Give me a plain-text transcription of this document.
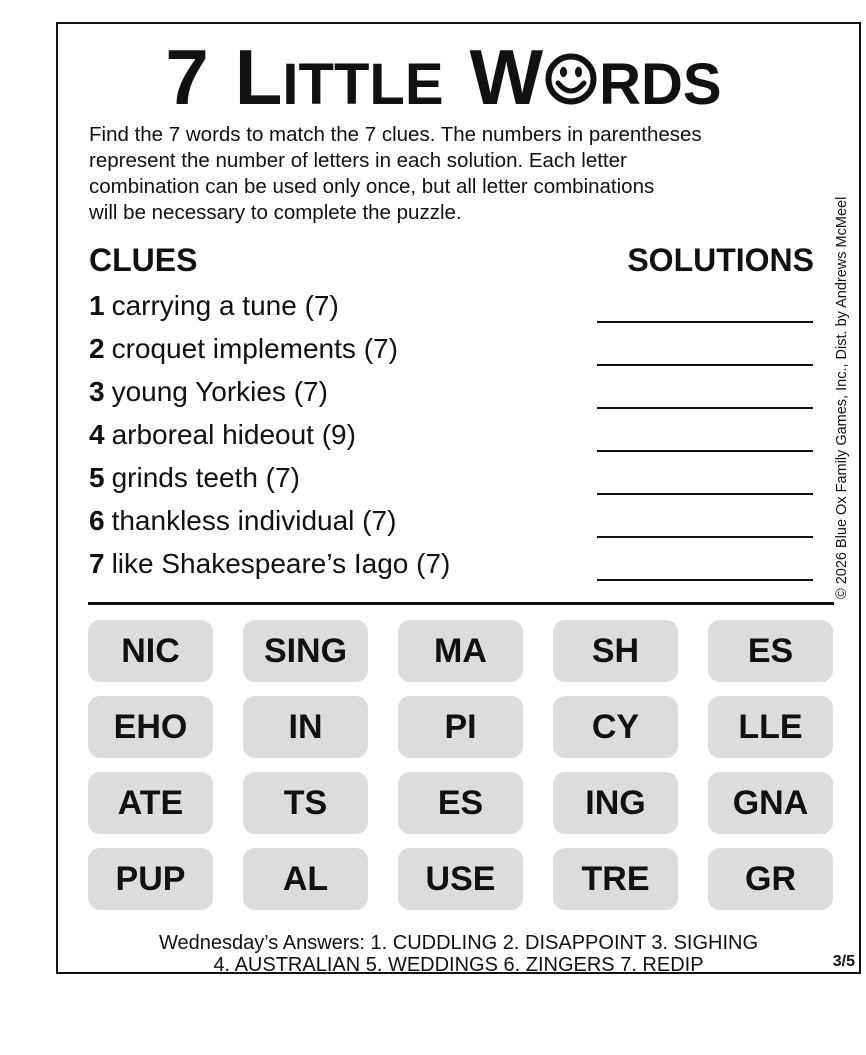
7 LITTLE W RDS

Find the 7 words to match the 7 clues. The numbers in parentheses

represent the number of letters in each solution. Each letter

combination can be used only once, but all letter combinations

will be necessary to complete the puzzle.	© 2026 Blue Ox Family Games, Inc., Dist. by Andrews McMeel
CLUES	SOLUTIONS
1 carrying a tune (7)
2 croquet implements (7)
3 young Yorkies (7)
4 arboreal hideout (9)
5 grinds teeth (7)
6 thankless individual (7)
7 like Shakespeare’s Iago (7)
NIC	SING	MA	SH	ES
EHO	IN	PI	CY	LLE
ATE	TS	ES	ING	GNA
PUP	AL	USE	TRE	GR

Wednesday’s Answers: 1. CUDDLING 2. DISAPPOINT 3. SIGHING

4. AUSTRALIAN 5. WEDDINGS 6. ZINGERS 7. REDIP	3/5
